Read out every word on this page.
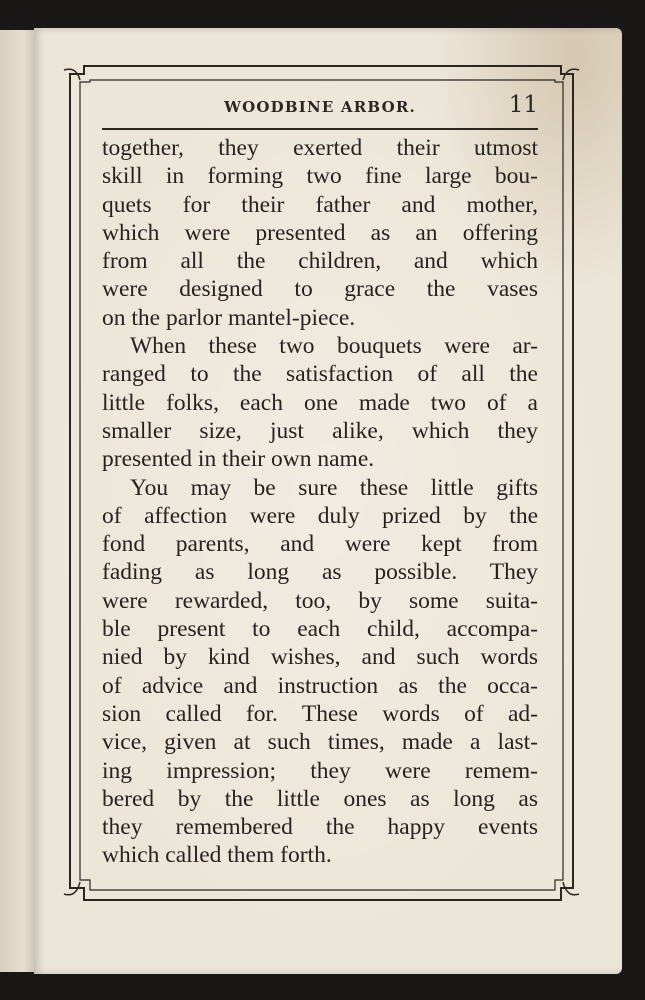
WOODBINE ARBOR.	11

together, they exerted their utmost
skill in forming two fine large bou-
quets for their father and mother,
which were presented as an offering
from all the children, and which
were designed to grace the vases
on the parlor mantel-piece.

When these two bouquets were ar-
ranged to the satisfaction of all the
little folks, each one made two of a
smaller size, just alike, which they
presented in their own name.

You may be sure these little gifts
of affection were duly prized by the
fond parents, and were kept from
fading as long as possible. They
were rewarded, too, by some suita-
ble present to each child, accompa-
nied by kind wishes, and such words
of advice and instruction as the occa-
sion called for. These words of ad-
vice, given at such times, made a last-
ing impression; they were remem-
bered by the little ones as long as
they remembered the happy events
which called them forth.
